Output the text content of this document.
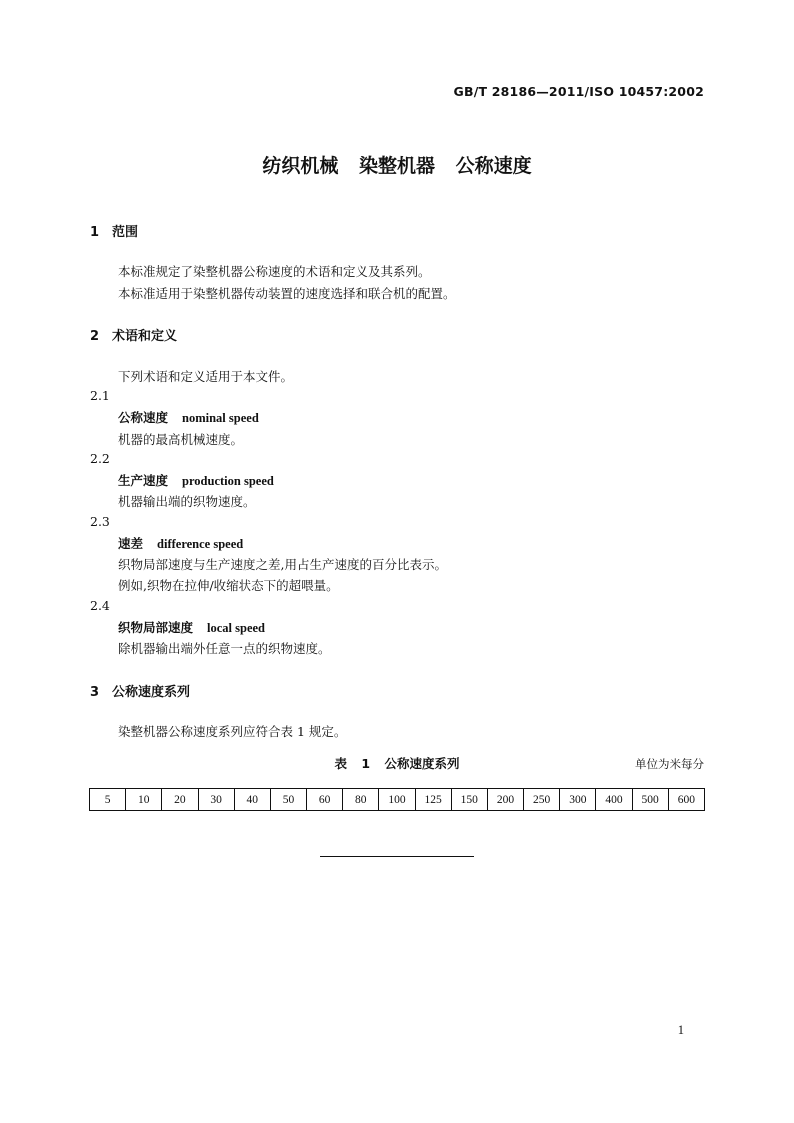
GB/T 28186—2011/ISO 10457:2002
纺织机械 染整机器 公称速度
1 范围
本标准规定了染整机器公称速度的术语和定义及其系列。
本标准适用于染整机器传动装置的速度选择和联合机的配置。
2 术语和定义
下列术语和定义适用于本文件。
2.1
公称速度 nominal speed
机器的最高机械速度。
2.2
生产速度 production speed
机器输出端的织物速度。
2.3
速差 difference speed
织物局部速度与生产速度之差,用占生产速度的百分比表示。
例如,织物在拉伸/收缩状态下的超喂量。
2.4
织物局部速度 local speed
除机器输出端外任意一点的织物速度。
3 公称速度系列
染整机器公称速度系列应符合表 1 规定。
表 1 公称速度系列	单位为米每分
5	10	20	30	40	50	60	80	100	125	150	200	250	300	400	500	600
1
